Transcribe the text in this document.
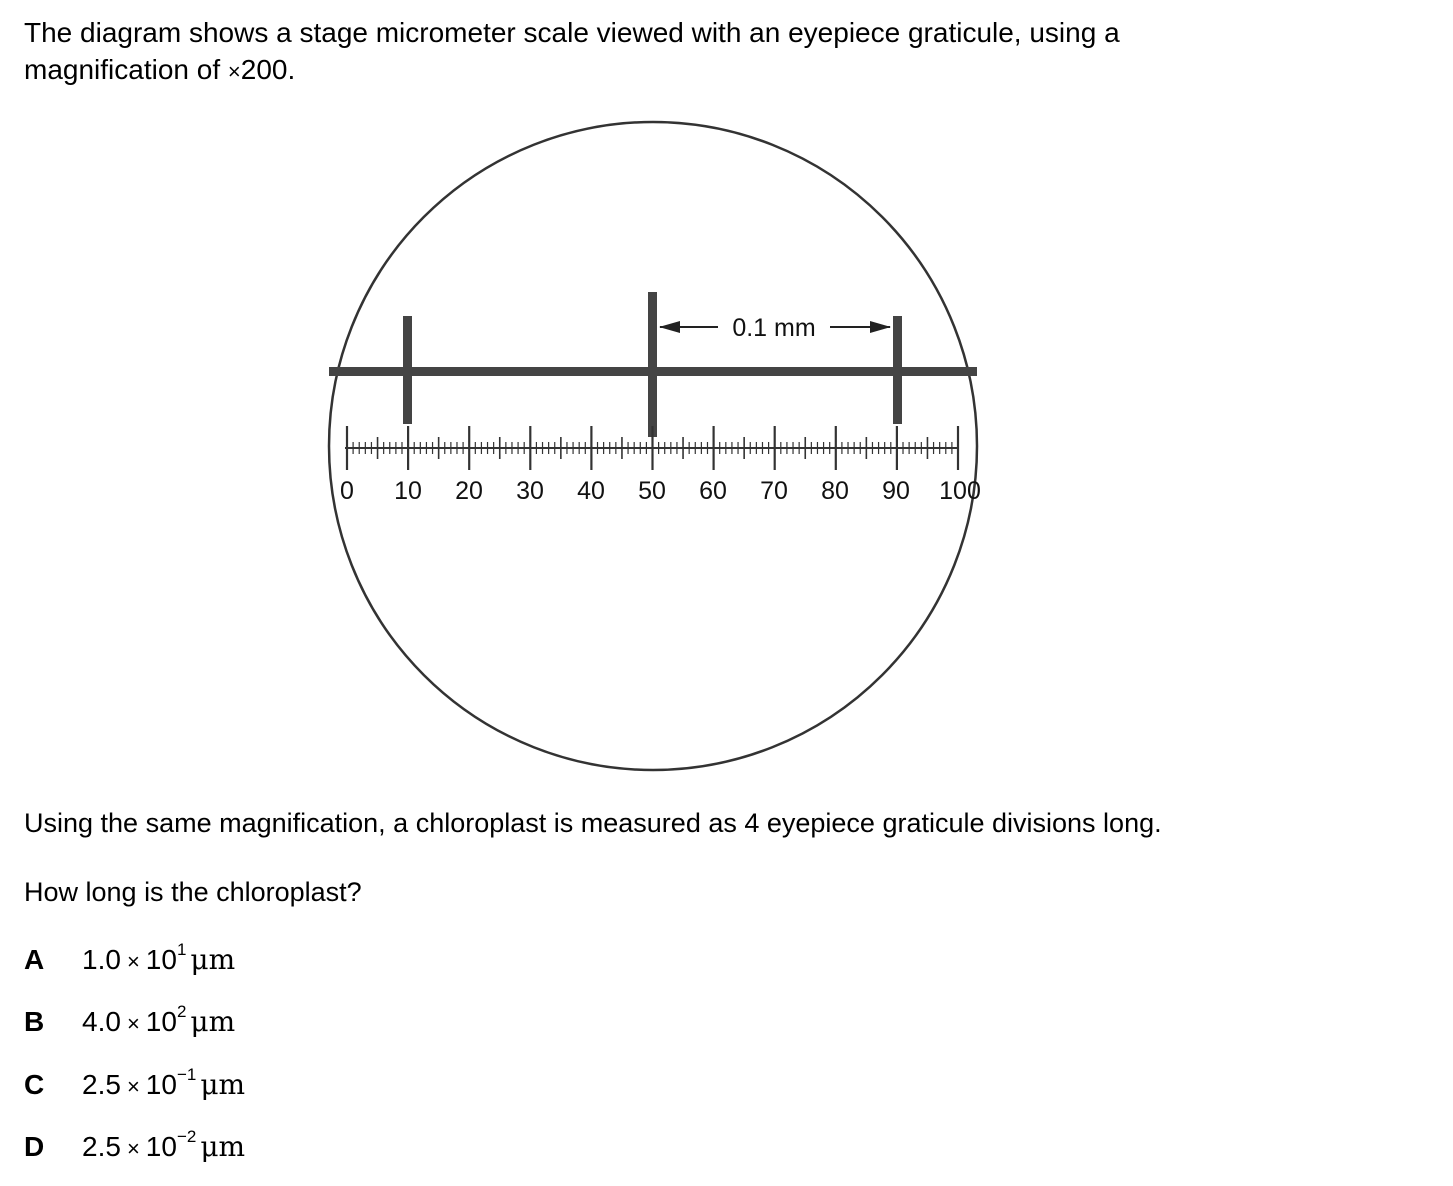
The diagram shows a stage micrometer scale viewed with an eyepiece graticule, using a
magnification of ×200.
0.1 mm
0 10 20 30 40 50 60 70 80 90 100

Using the same magnification, a chloroplast is measured as 4 eyepiece graticule divisions long.

How long is the chloroplast?

A $1.0 \times 10^1$ μm
B $4.0 \times 10^2$ μm
C $2.5 \times 10^{-1}$ μm
D $2.5 \times 10^{-2}$ μm
